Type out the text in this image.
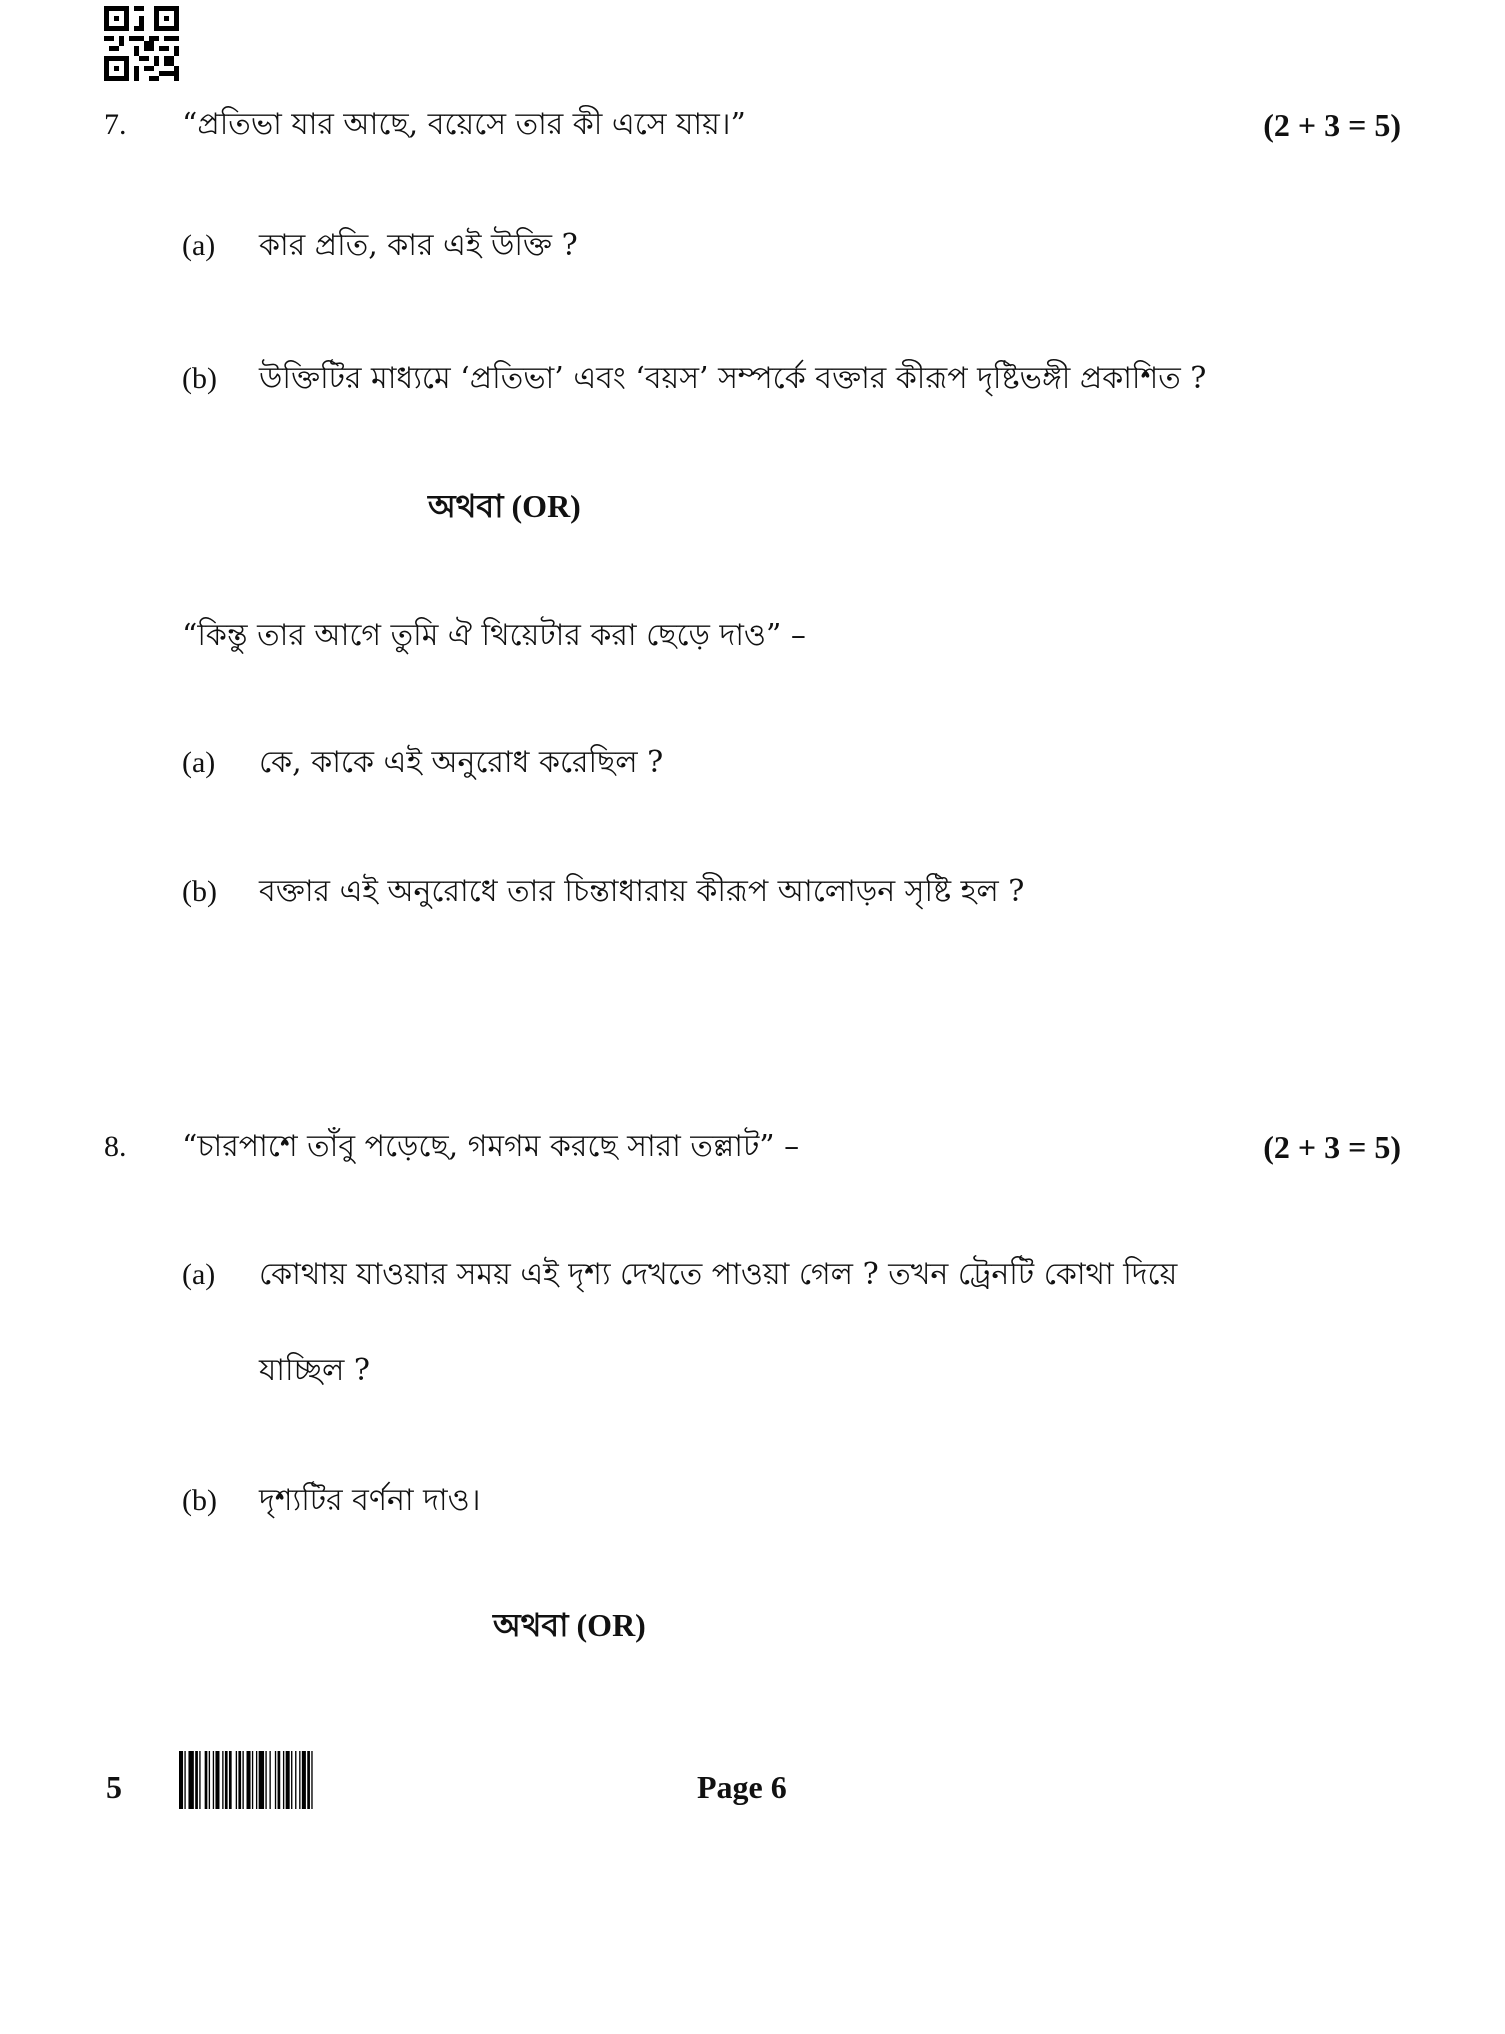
7. “প্রতিভা যার আছে, বয়েসে তার কী এসে যায়।”	(2 + 3 = 5)
(a) কার প্রতি, কার এই উক্তি ?
(b) উক্তিটির মাধ্যমে ‘প্রতিভা’ এবং ‘বয়স’ সম্পর্কে বক্তার কীরূপ দৃষ্টিভঙ্গী প্রকাশিত ?
অথবা (OR)
“কিন্তু তার আগে তুমি ঐ থিয়েটার করা ছেড়ে দাও” –
(a) কে, কাকে এই অনুরোধ করেছিল ?
(b) বক্তার এই অনুরোধে তার চিন্তাধারায় কীরূপ আলোড়ন সৃষ্টি হল ?
8. “চারপাশে তাঁবু পড়েছে, গমগম করছে সারা তল্লাট” –	(2 + 3 = 5)
(a) কোথায় যাওয়ার সময় এই দৃশ্য দেখতে পাওয়া গেল ? তখন ট্রেনটি কোথা দিয়ে
যাচ্ছিল ?
(b) দৃশ্যটির বর্ণনা দাও।
অথবা (OR)
5	Page 6
